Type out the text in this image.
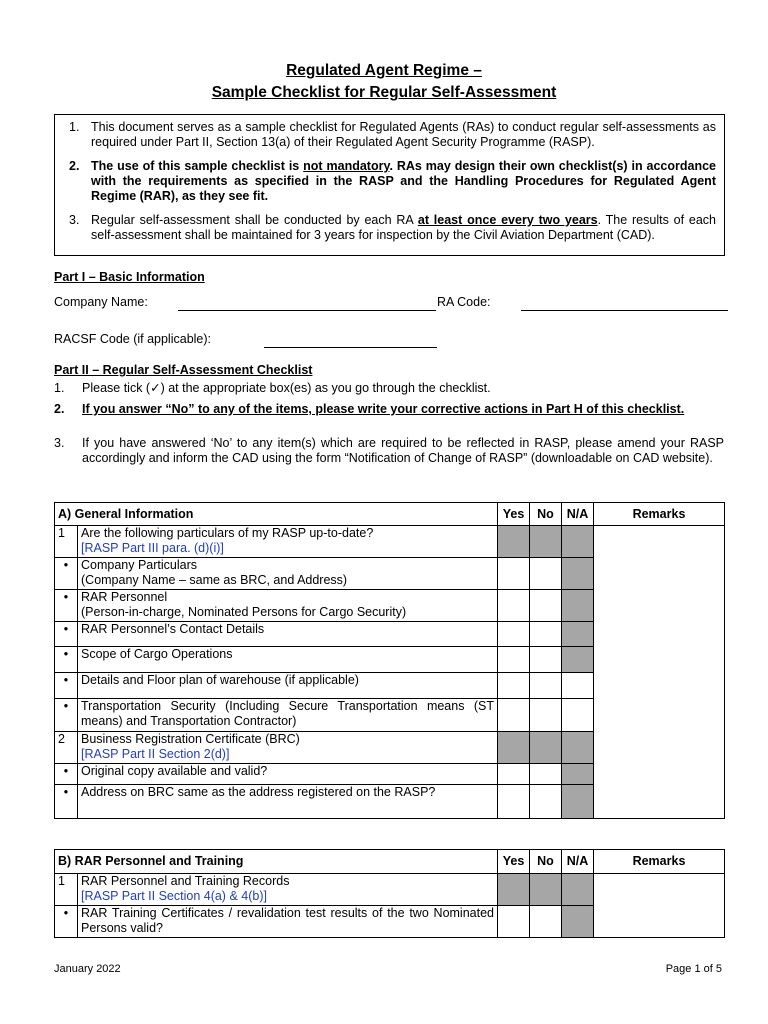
Regulated Agent Regime –
Sample Checklist for Regular Self-Assessment
1. This document serves as a sample checklist for Regulated Agents (RAs) to conduct regular self-assessments as required under Part II, Section 13(a) of their Regulated Agent Security Programme (RASP).
2. The use of this sample checklist is not mandatory. RAs may design their own checklist(s) in accordance with the requirements as specified in the RASP and the Handling Procedures for Regulated Agent Regime (RAR), as they see fit.
3. Regular self-assessment shall be conducted by each RA at least once every two years. The results of each self-assessment shall be maintained for 3 years for inspection by the Civil Aviation Department (CAD).
Part I – Basic Information
Company Name:	RA Code:
RACSF Code (if applicable):
Part II – Regular Self-Assessment Checklist
1.	Please tick (✓) at the appropriate box(es) as you go through the checklist.
2.	If you answer “No” to any of the items, please write your corrective actions in Part H of this checklist.
3.	If you have answered ‘No’ to any item(s) which are required to be reflected in RASP, please amend your RASP accordingly and inform the CAD using the form “Notification of Change of RASP” (downloadable on CAD website).
A) General Information		Yes	No	N/A	Remarks
1	Are the following particulars of my RASP up-to-date?
[RASP Part III para. (d)(i)]				

•	Company Particulars
(Company Name – same as BRC, and Address)				

•	RAR Personnel
(Person-in-charge, Nominated Persons for Cargo Security)				

•	RAR Personnel’s Contact Details				
•	Scope of Cargo Operations				
•	Details and Floor plan of warehouse (if applicable)				
•	Transportation Security (Including Secure Transportation means (ST means) and Transportation Contractor)				
2	Business Registration Certificate (BRC)
[RASP Part II Section 2(d)]				

•	Original copy available and valid?				
•	Address on BRC same as the address registered on the RASP?				
B) RAR Personnel and Training		Yes	No	N/A	Remarks
1	RAR Personnel and Training Records
[RASP Part II Section 4(a) & 4(b)]				

•	RAR Training Certificates / revalidation test results of the two Nominated Persons valid?				
January 2022	Page 1 of 5
